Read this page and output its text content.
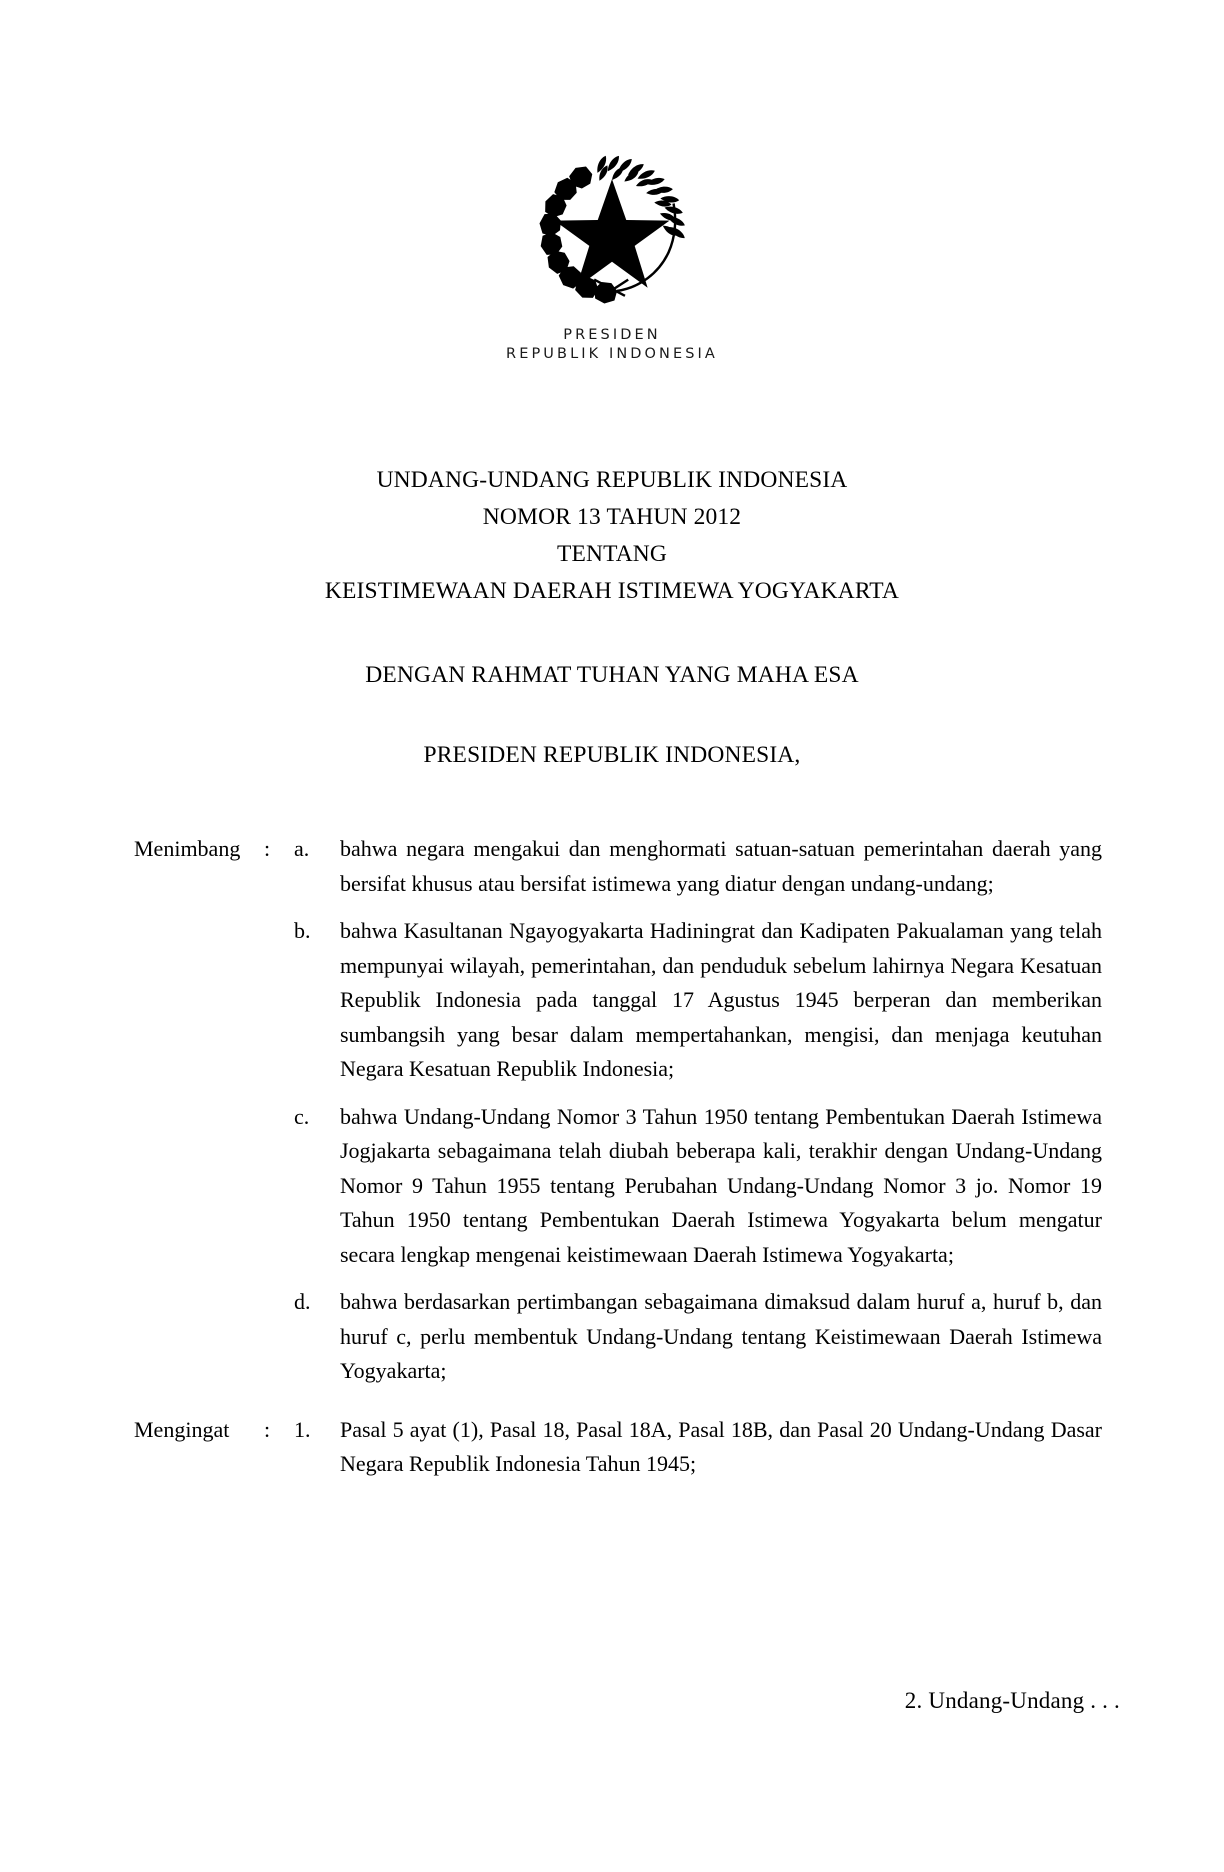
PRESIDEN
REPUBLIK INDONESIA
UNDANG-UNDANG REPUBLIK INDONESIA
NOMOR 13 TAHUN 2012
TENTANG
KEISTIMEWAAN DAERAH ISTIMEWA YOGYAKARTA
DENGAN RAHMAT TUHAN YANG MAHA ESA
PRESIDEN REPUBLIK INDONESIA,
Menimbang	:	a.	bahwa negara mengakui dan menghormati satuan-satuan pemerintahan daerah yang bersifat khusus atau bersifat istimewa yang diatur dengan undang-undang;
b.	bahwa Kasultanan Ngayogyakarta Hadiningrat dan Kadipaten Pakualaman yang telah mempunyai wilayah, pemerintahan, dan penduduk sebelum lahirnya Negara Kesatuan Republik Indonesia pada tanggal 17 Agustus 1945 berperan dan memberikan sumbangsih yang besar dalam mempertahankan, mengisi, dan menjaga keutuhan Negara Kesatuan Republik Indonesia;
c.	bahwa Undang-Undang Nomor 3 Tahun 1950 tentang Pembentukan Daerah Istimewa Jogjakarta sebagaimana telah diubah beberapa kali, terakhir dengan Undang-Undang Nomor 9 Tahun 1955 tentang Perubahan Undang-Undang Nomor 3 jo. Nomor 19 Tahun 1950 tentang Pembentukan Daerah Istimewa Yogyakarta belum mengatur secara lengkap mengenai keistimewaan Daerah Istimewa Yogyakarta;
d.	bahwa berdasarkan pertimbangan sebagaimana dimaksud dalam huruf a, huruf b, dan huruf c, perlu membentuk Undang-Undang tentang Keistimewaan Daerah Istimewa Yogyakarta;
Mengingat	:	1.	Pasal 5 ayat (1), Pasal 18, Pasal 18A, Pasal 18B, dan Pasal 20 Undang-Undang Dasar Negara Republik Indonesia Tahun 1945;
2. Undang-Undang . . .
